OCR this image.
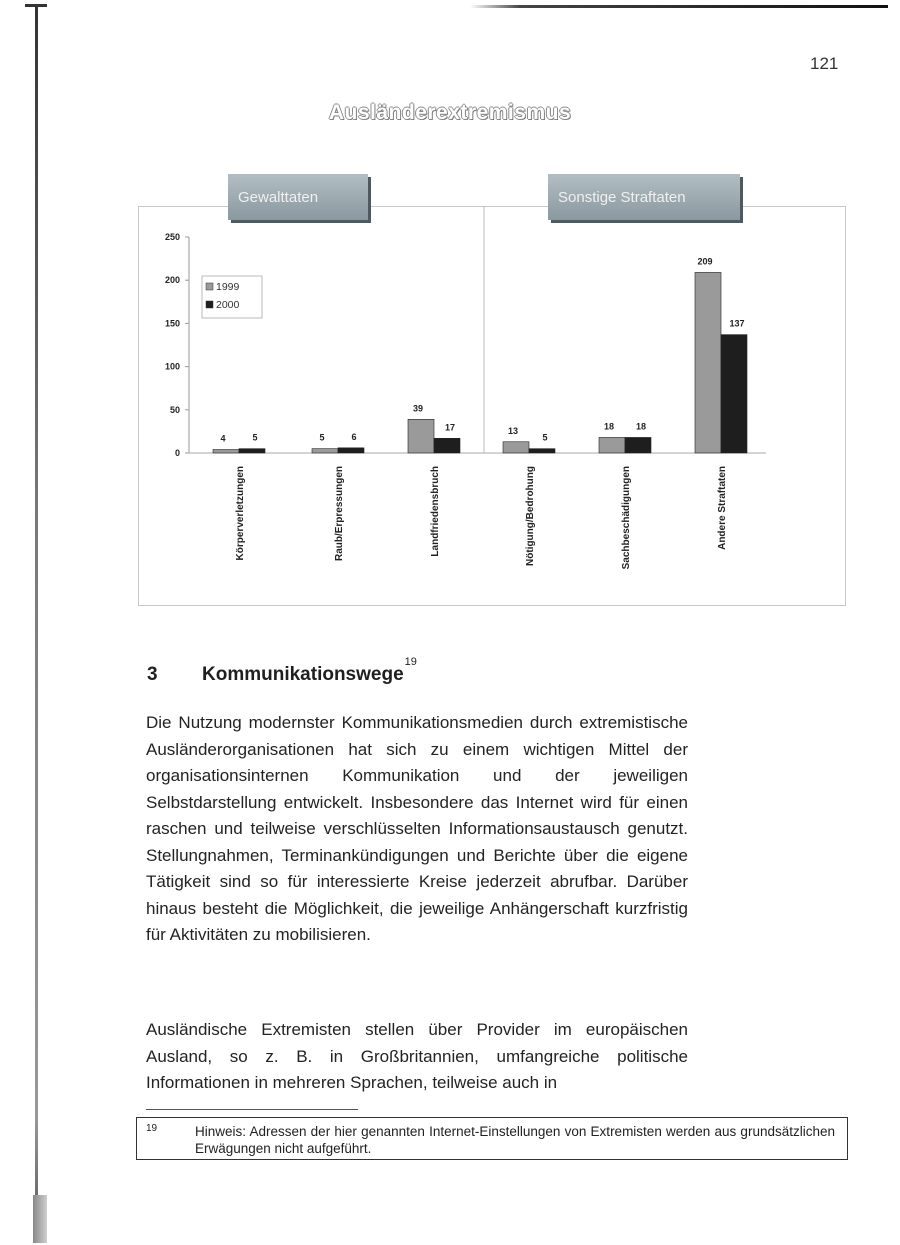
121
Ausländerextremismus
0
50
100
150
200
250
1999
2000
4	5
Körperverletzungen
5	6
Raub/Erpressungen
39
17
Landfriedensbruch
13
5
Nötigung/Bedrohung
18 18
Sachbeschädigungen
209
137
Andere Straftaten
Gewalttaten	Sonstige Straftaten
3	Kommunikationswege
19

Die Nutzung modernster Kommunikationsmedien durch extremistische Ausländerorganisationen hat sich zu einem wichtigen Mittel der organisationsinternen Kommunikation und der jeweiligen Selbstdarstellung entwickelt. Insbesondere das Internet wird für einen raschen und teilweise verschlüsselten Informationsaustausch genutzt. Stellungnahmen, Terminankündigungen und Berichte über die eigene Tätigkeit sind so für interessierte Kreise jederzeit abrufbar. Darüber hinaus besteht die Möglichkeit, die jeweilige Anhängerschaft kurzfristig für Aktivitäten zu mobilisieren.

Ausländische Extremisten stellen über Provider im europäischen Ausland, so z. B. in Großbritannien, umfangreiche politische Informationen in mehreren Sprachen, teilweise auch in

19	Hinweis: Adressen der hier genannten Internet-Einstellungen von Extremisten werden aus grundsätzlichen Erwägungen nicht aufgeführt.
